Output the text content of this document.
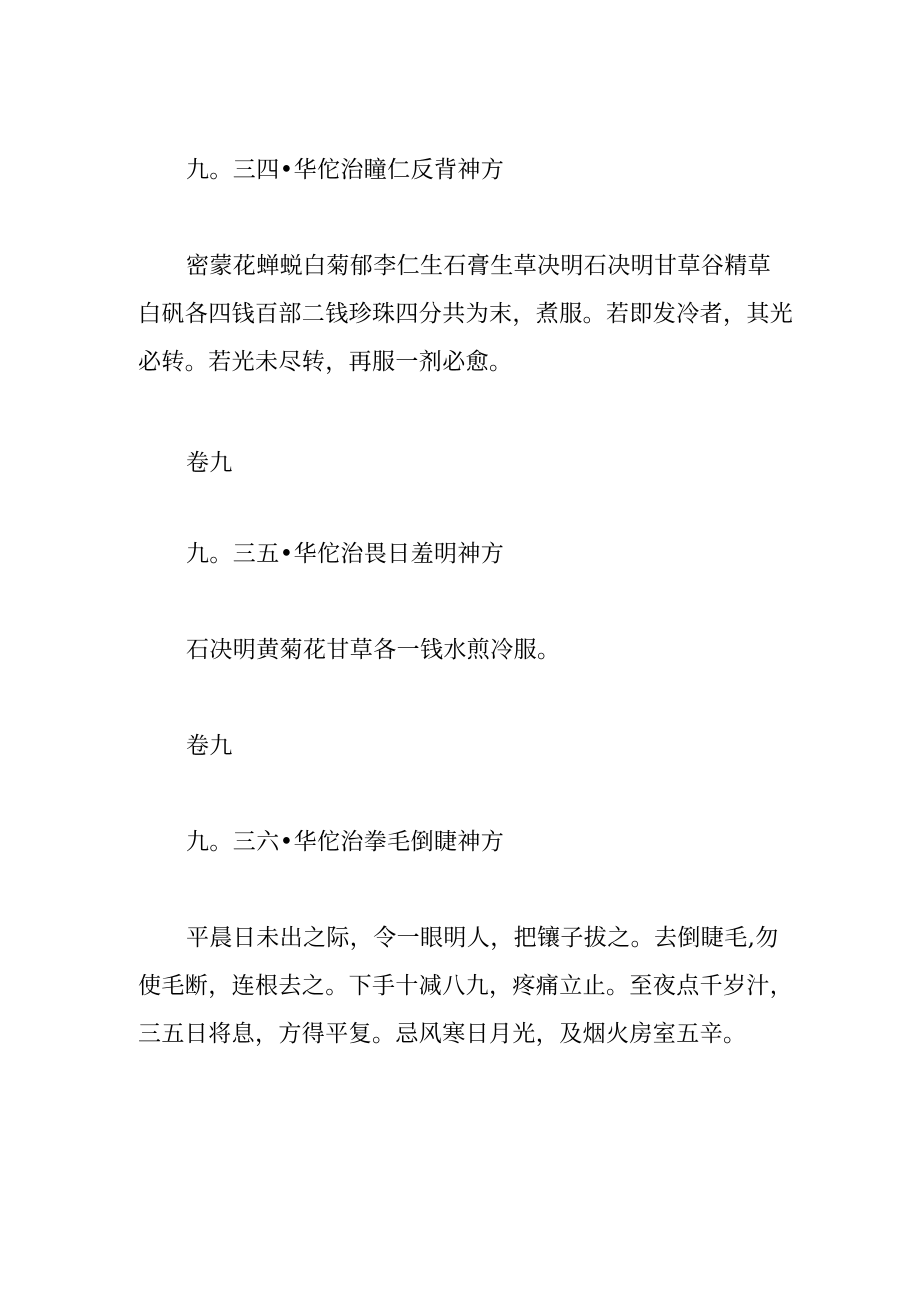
九。三四•华佗治瞳仁反背神方
密蒙花蝉蜕白菊郁李仁生石膏生草决明石决明甘草谷精草
白矾各四钱百部二钱珍珠四分共为末，煮服。若即发冷者，其光
必转。若光未尽转，再服一剂必愈。
卷九
九。三五•华佗治畏日羞明神方
石决明黄菊花甘草各一钱水煎冷服。
卷九
九。三六•华佗治拳毛倒睫神方
平晨日未出之际，令一眼明人，把镶子拔之。去倒睫毛,勿
使毛断，连根去之。下手十减八九，疼痛立止。至夜点千岁汁，
三五日将息，方得平复。忌风寒日月光，及烟火房室五辛。
